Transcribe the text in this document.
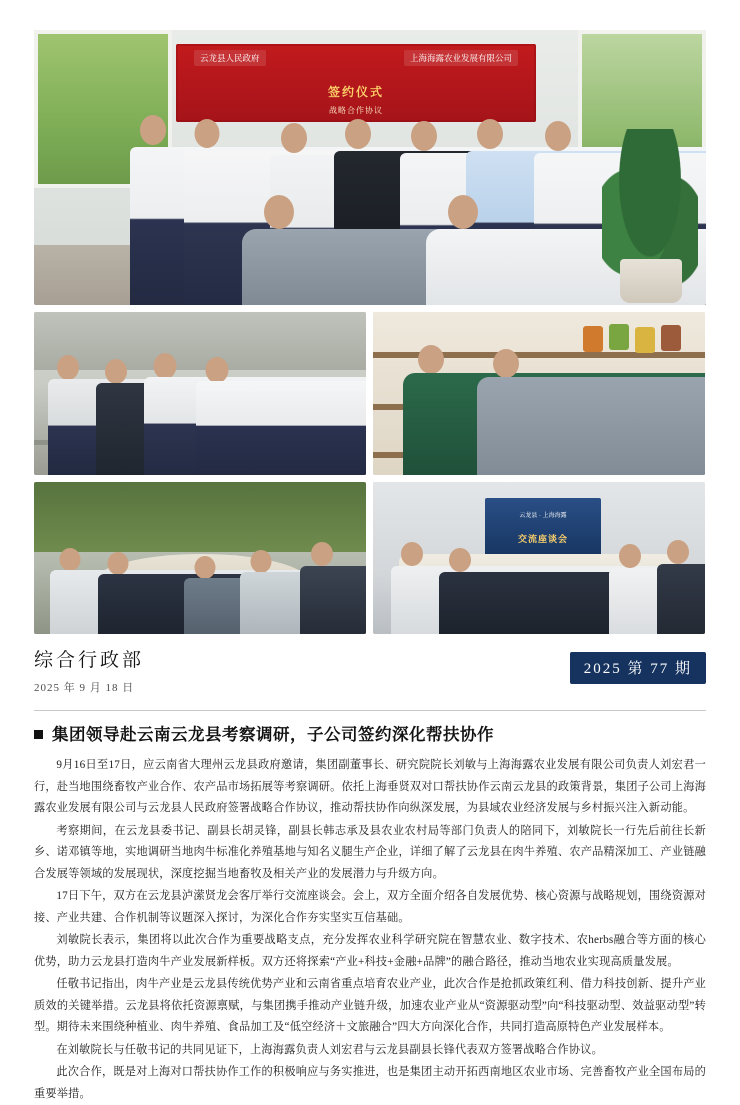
云龙县人民政府	上海海露农业发展有限公司
签约仪式
战略合作协议
云龙县 · 上海海露
交流座谈会
综合行政部
2025 年 9 月 18 日
2025 第 77 期
集团领导赴云南云龙县考察调研，子公司签约深化帮扶协作

9月16日至17日，应云南省大理州云龙县政府邀请，集团副董事长、研究院院长刘敏与上海海露农业发展有限公司负责人刘宏君一行，赴当地围绕畜牧产业合作、农产品市场拓展等考察调研。依托上海垂贤双对口帮扶协作云南云龙县的政策背景，集团子公司上海海露农业发展有限公司与云龙县人民政府签署战略合作协议，推动帮扶协作向纵深发展，为县域农业经济发展与乡村振兴注入新动能。

考察期间，在云龙县委书记、副县长胡灵锋，副县长韩志承及县农业农村局等部门负责人的陪同下，刘敏院长一行先后前往长新乡、诺邓镇等地，实地调研当地肉牛标准化养殖基地与知名义腿生产企业，详细了解了云龙县在肉牛养殖、农产品精深加工、产业链融合发展等领域的发展现状，深度挖掘当地畜牧及相关产业的发展潜力与升级方向。

17日下午，双方在云龙县泸潆贤龙会客厅举行交流座谈会。会上，双方全面介绍各自发展优势、核心资源与战略规划，围绕资源对接、产业共建、合作机制等议题深入探讨，为深化合作夯实坚实互信基础。

刘敏院长表示，集团将以此次合作为重要战略支点，充分发挥农业科学研究院在智慧农业、数字技术、农herbs融合等方面的核心优势，助力云龙县打造肉牛产业发展新样板。双方还将探索“产业+科技+金融+品牌”的融合路径，推动当地农业实现高质量发展。

任敬书记指出，肉牛产业是云龙县传统优势产业和云南省重点培育农业产业，此次合作是抢抓政策红利、借力科技创新、提升产业质效的关键举措。云龙县将依托资源禀赋，与集团携手推动产业链升级，加速农业产业从“资源驱动型”向“科技驱动型、效益驱动型”转型。期待未来围绕种植业、肉牛养殖、食品加工及“低空经济＋文旅融合”四大方向深化合作，共同打造高原特色产业发展样本。

在刘敏院长与任敬书记的共同见证下，上海海露负责人刘宏君与云龙县副县长锋代表双方签署战略合作协议。

此次合作，既是对上海对口帮扶协作工作的积极响应与务实推进，也是集团主动开拓西南地区农业市场、完善畜牧产业全国布局的重要举措。
